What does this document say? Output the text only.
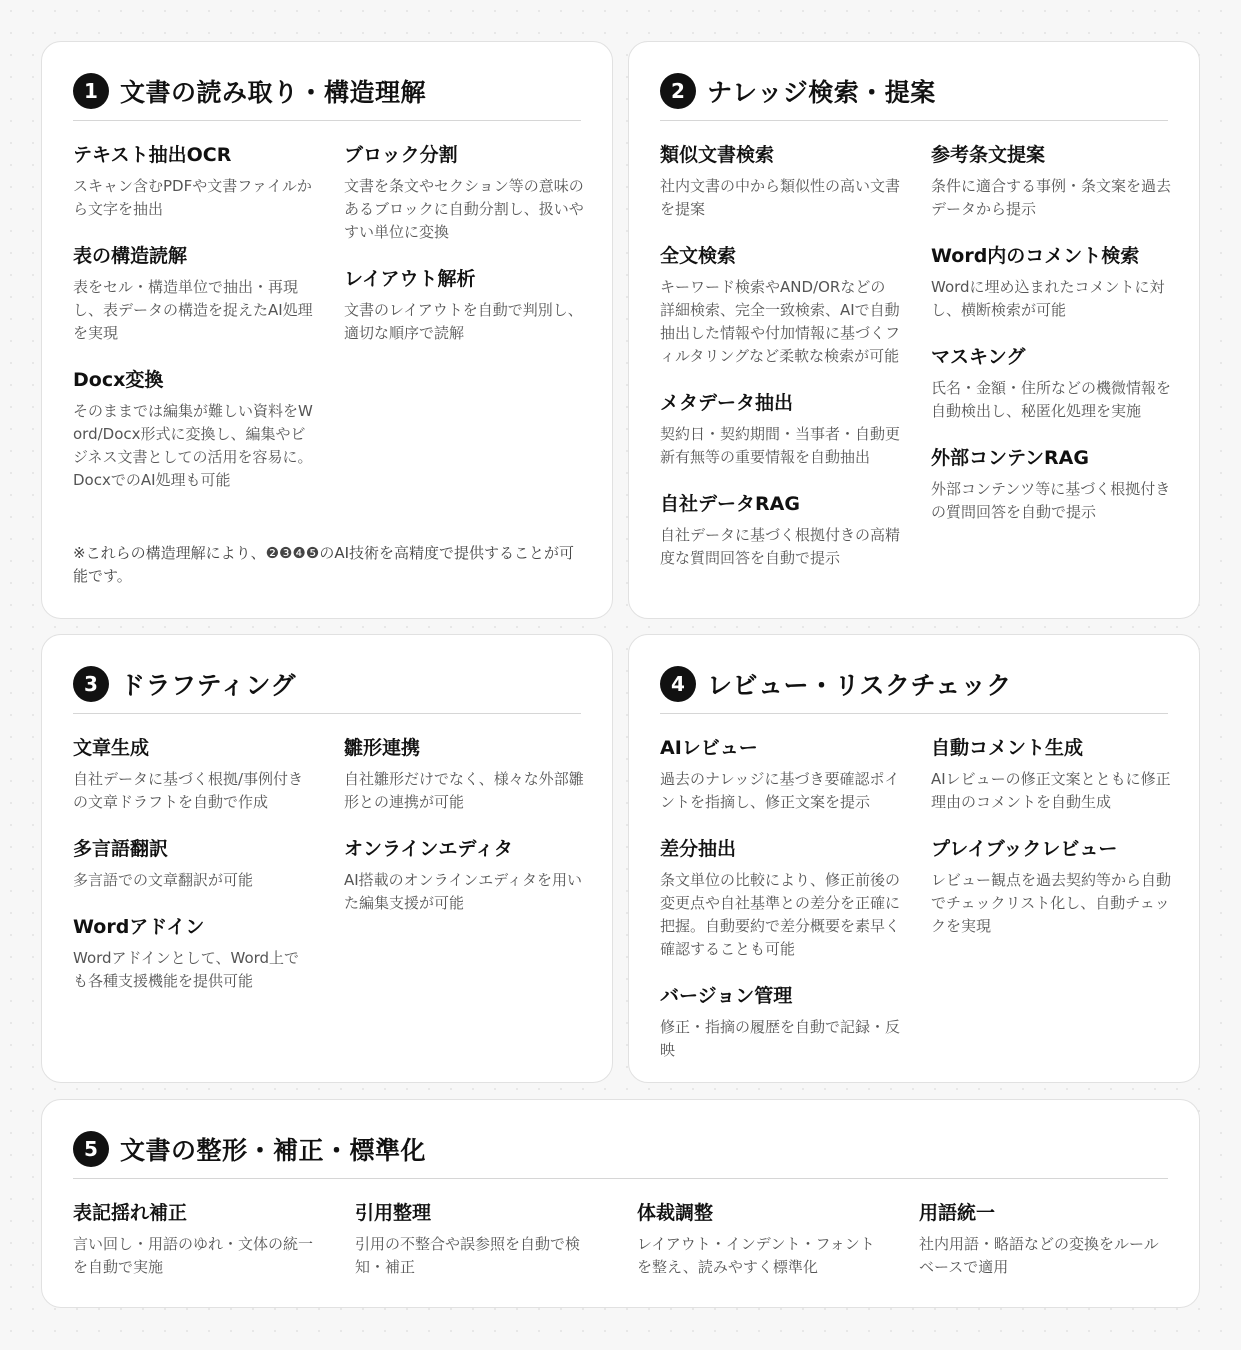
1 文書の読み取り・構造理解
テキスト抽出OCR

スキャン含むPDFや文書ファイルから文字を抽出

表の構造読解

表をセル・構造単位で抽出・再現し、表データの構造を捉えたAI処理を実現

Docx変換

そのままでは編集が難しい資料をWord/Docx形式に変換し、編集やビジネス文書としての活用を容易に。DocxでのAI処理も可能

ブロック分割

文書を条文やセクション等の意味のあるブロックに自動分割し、扱いやすい単位に変換

レイアウト解析

文書のレイアウトを自動で判別し、適切な順序で読解

※これらの構造理解により、❷❸❹❺のAI技術を高精度で提供することが可能です。
2 ナレッジ検索・提案
類似文書検索

社内文書の中から類似性の高い文書を提案

全文検索

キーワード検索やAND/ORなどの詳細検索、完全一致検索、AIで自動抽出した情報や付加情報に基づくフィルタリングなど柔軟な検索が可能

メタデータ抽出

契約日・契約期間・当事者・自動更新有無等の重要情報を自動抽出

自社データRAG

自社データに基づく根拠付きの高精度な質問回答を自動で提示

参考条文提案

条件に適合する事例・条文案を過去データから提示

Word内のコメント検索

Wordに埋め込まれたコメントに対し、横断検索が可能

マスキング

氏名・金額・住所などの機微情報を自動検出し、秘匿化処理を実施

外部コンテンRAG

外部コンテンツ等に基づく根拠付きの質問回答を自動で提示

3 ドラフティング
文章生成

自社データに基づく根拠/事例付きの文章ドラフトを自動で作成

多言語翻訳

多言語での文章翻訳が可能

Wordアドイン

Wordアドインとして、Word上でも各種支援機能を提供可能

雛形連携

自社雛形だけでなく、様々な外部雛形との連携が可能

オンラインエディタ

AI搭載のオンラインエディタを用いた編集支援が可能

4 レビュー・リスクチェック
AIレビュー

過去のナレッジに基づき要確認ポイントを指摘し、修正文案を提示

差分抽出

条文単位の比較により、修正前後の変更点や自社基準との差分を正確に把握。自動要約で差分概要を素早く確認することも可能

バージョン管理

修正・指摘の履歴を自動で記録・反映

自動コメント生成

AIレビューの修正文案とともに修正理由のコメントを自動生成

プレイブックレビュー

レビュー観点を過去契約等から自動でチェックリスト化し、自動チェックを実現

5 文書の整形・補正・標準化
表記揺れ補正

言い回し・用語のゆれ・文体の統一を自動で実施

引用整理

引用の不整合や誤参照を自動で検知・補正

体裁調整

レイアウト・インデント・フォントを整え、読みやすく標準化

用語統一

社内用語・略語などの変換をルールベースで適用
